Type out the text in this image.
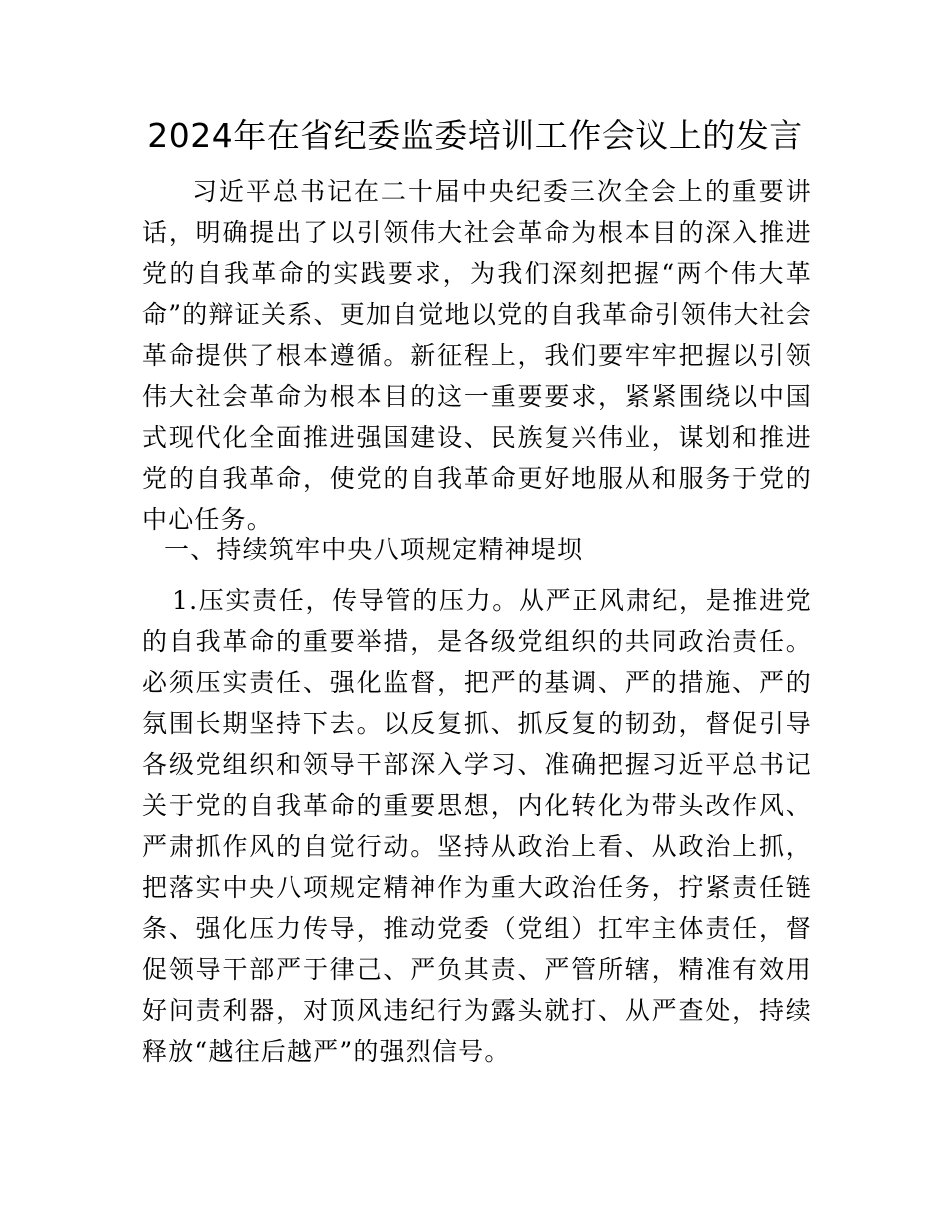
2024年在省纪委监委培训工作会议上的发言

习近平总书记在二十届中央纪委三次全会上的重要讲话，明确提出了以引领伟大社会革命为根本目的深入推进党的自我革命的实践要求，为我们深刻把握“两个伟大革命”的辩证关系、更加自觉地以党的自我革命引领伟大社会革命提供了根本遵循。新征程上，我们要牢牢把握以引领伟大社会革命为根本目的这一重要要求，紧紧围绕以中国式现代化全面推进强国建设、民族复兴伟业，谋划和推进党的自我革命，使党的自我革命更好地服从和服务于党的中心任务。

一、持续筑牢中央八项规定精神堤坝

1.压实责任，传导管的压力。从严正风肃纪，是推进党的自我革命的重要举措，是各级党组织的共同政治责任。必须压实责任、强化监督，把严的基调、严的措施、严的氛围长期坚持下去。以反复抓、抓反复的韧劲，督促引导各级党组织和领导干部深入学习、准确把握习近平总书记关于党的自我革命的重要思想，内化转化为带头改作风、严肃抓作风的自觉行动。坚持从政治上看、从政治上抓，把落实中央八项规定精神作为重大政治任务，拧紧责任链条、强化压力传导，推动党委（党组）扛牢主体责任，督促领导干部严于律己、严负其责、严管所辖，精准有效用好问责利器，对顶风违纪行为露头就打、从严查处，持续释放“越往后越严”的强烈信号。
